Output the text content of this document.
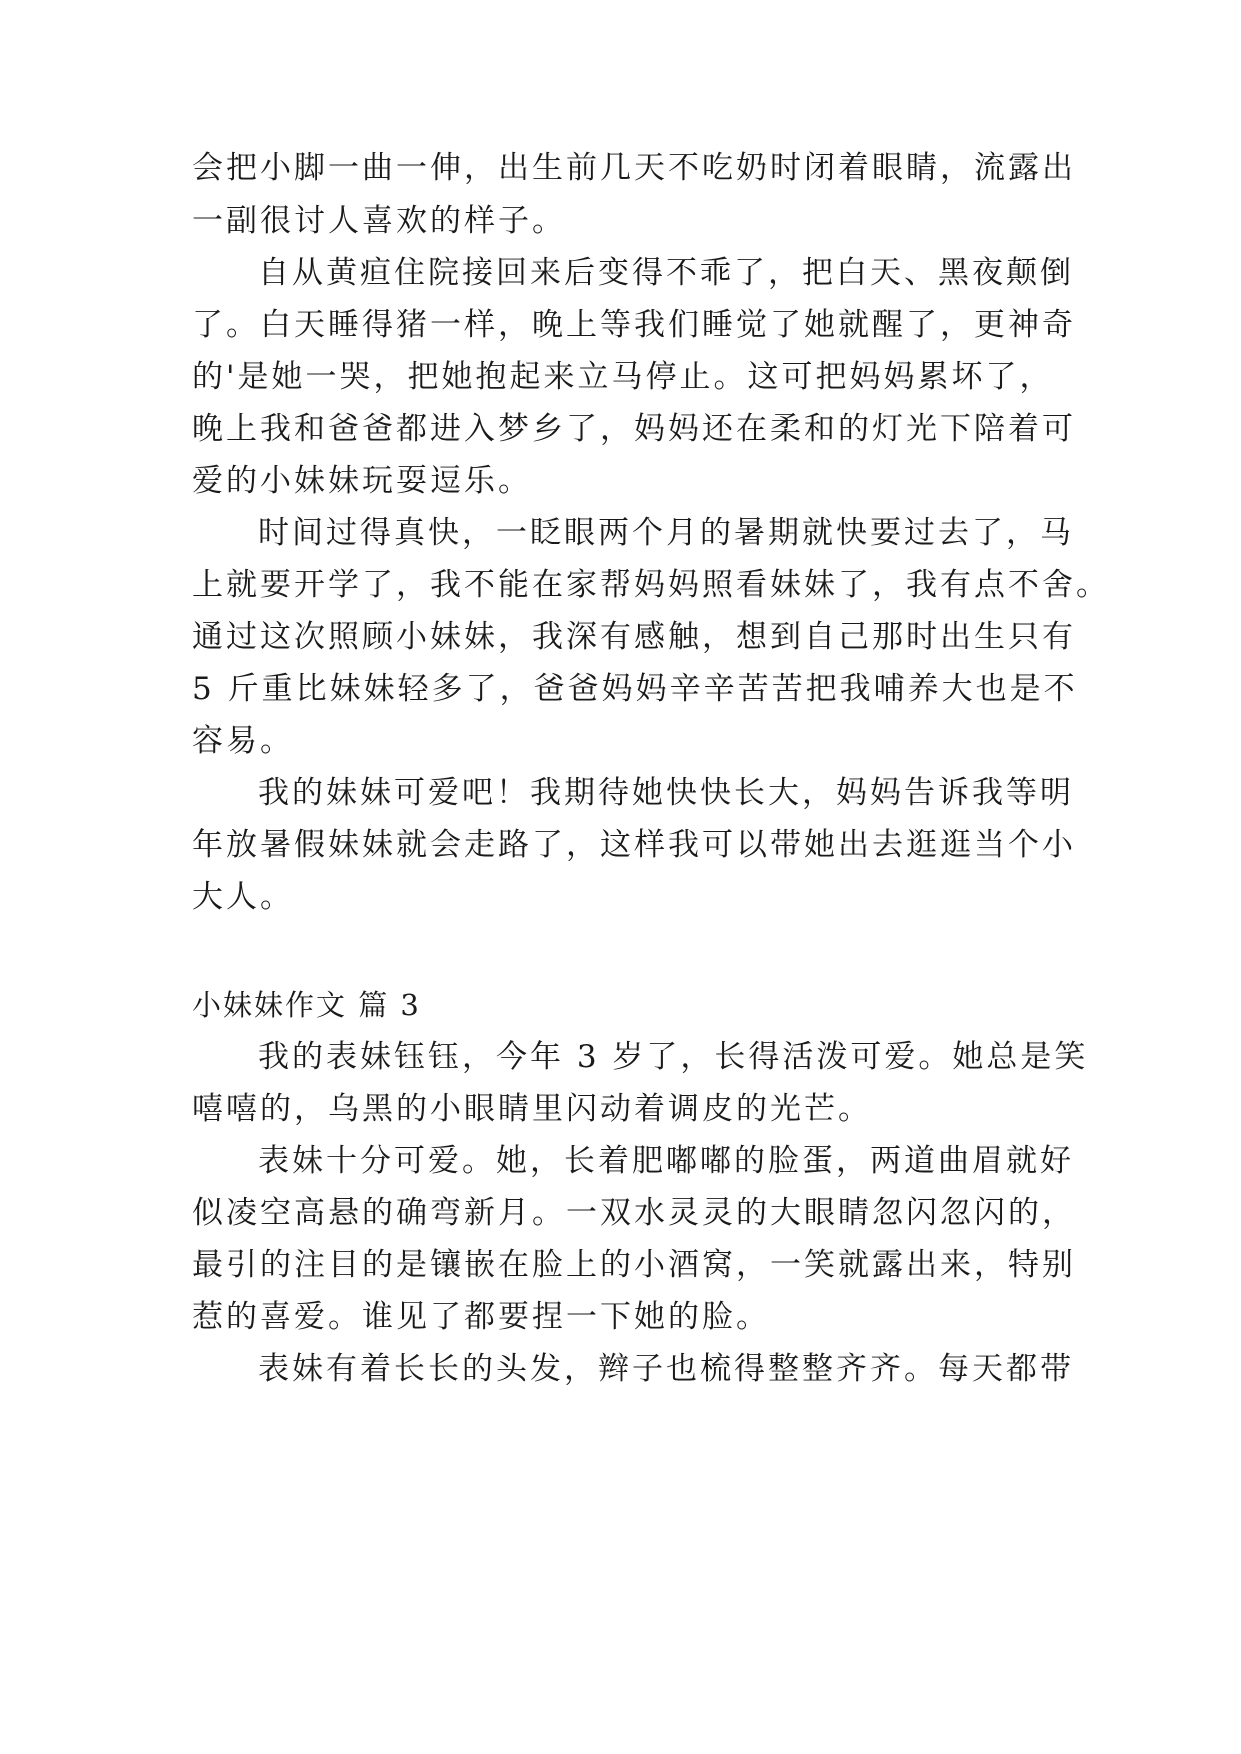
会把小脚一曲一伸，出生前几天不吃奶时闭着眼睛，流露出
一副很讨人喜欢的样子。
自从黄疸住院接回来后变得不乖了，把白天、黑夜颠倒
了。白天睡得猪一样，晚上等我们睡觉了她就醒了，更神奇
的'是她一哭，把她抱起来立马停止。这可把妈妈累坏了，
晚上我和爸爸都进入梦乡了，妈妈还在柔和的灯光下陪着可
爱的小妹妹玩耍逗乐。
时间过得真快，一眨眼两个月的暑期就快要过去了，马
上就要开学了，我不能在家帮妈妈照看妹妹了，我有点不舍。
通过这次照顾小妹妹，我深有感触，想到自己那时出生只有
5 斤重比妹妹轻多了，爸爸妈妈辛辛苦苦把我哺养大也是不
容易。
我的妹妹可爱吧！我期待她快快长大，妈妈告诉我等明
年放暑假妹妹就会走路了，这样我可以带她出去逛逛当个小
大人。
小妹妹作文 篇 3
我的表妹钰钰，今年 3 岁了，长得活泼可爱。她总是笑
嘻嘻的，乌黑的小眼睛里闪动着调皮的光芒。
表妹十分可爱。她，长着肥嘟嘟的脸蛋，两道曲眉就好
似凌空高悬的确弯新月。一双水灵灵的大眼睛忽闪忽闪的，
最引的注目的是镶嵌在脸上的小酒窝，一笑就露出来，特别
惹的喜爱。谁见了都要捏一下她的脸。
表妹有着长长的头发，辫子也梳得整整齐齐。每天都带
